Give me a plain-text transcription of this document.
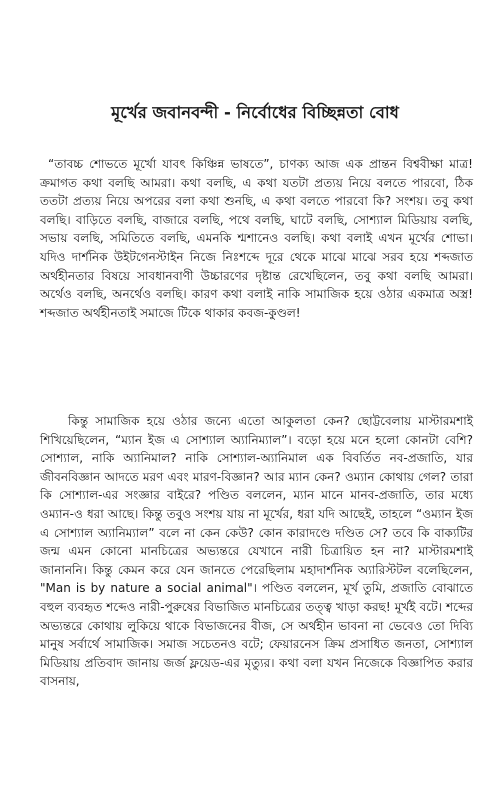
মূর্খের জবানবন্দী - নির্বোধের বিচ্ছিন্নতা বোধ

“তাবচ্চ শোভতে মূর্খো যাবৎ কিঞ্চিন্ন ভাষতে”, চাণক্য আজ এক প্রান্তন বিশ্ববীক্ষা মাত্র! ক্রমাগত কথা বলছি আমরা। কথা বলছি, এ কথা যতটা প্রত্যয় নিয়ে বলতে পারবো, ঠিক ততটা প্রত্যয় নিয়ে অপরের বলা কথা শুনছি, এ কথা বলতে পারবো কি? সংশয়। তবু কথা বলছি। বাড়িতে বলছি, বাজারে বলছি, পথে বলছি, ঘাটে বলছি, সোশ্যাল মিডিয়ায় বলছি, সভায় বলছি, সমিতিতে বলছি, এমনকি শ্মশানেও বলছি। কথা বলাই এখন মূর্খের শোভা। যদিও দার্শনিক উইটগেনস্টাইন নিজে নিঃশব্দে দূরে থেকে মাঝে মাঝে সরব হয়ে শব্দজাত অর্থহীনতার বিষয়ে সাবধানবাণী উচ্চারণের দৃষ্টান্ত রেখেছিলেন, তবু কথা বলছি আমরা। অর্থেও বলছি, অনর্থেও বলছি। কারণ কথা বলাই নাকি সামাজিক হয়ে ওঠার একমাত্র অস্ত্র! শব্দজাত অর্থহীনতাই সমাজে টিকে থাকার কবজ-কুণ্ডল!

কিন্তু সামাজিক হয়ে ওঠার জন্যে এতো আকুলতা কেন? ছোট্টবেলায় মাস্টারমশাই শিখিয়েছিলেন, “ম্যান ইজ এ সোশ্যাল অ্যানিম্যাল”। বড়ো হয়ে মনে হলো কোনটা বেশি? সোশ্যাল, নাকি অ্যানিমাল? নাকি সোশ্যাল-অ্যানিমাল এক বিবর্তিত নব-প্রজাতি, যার জীবনবিজ্ঞান আদতে মরণ এবং মারণ-বিজ্ঞান? আর ম্যান কেন? ওম্যান কোথায় গেল? তারা কি সোশ্যাল-এর সংজ্ঞার বাইরে? পণ্ডিত বললেন, ম্যান মানে মানব-প্রজাতি, তার মধ্যে ওম্যান-ও ধরা আছে। কিন্তু তবুও সংশয় যায় না মূর্খের, ধরা যদি আছেই, তাহলে “ওম্যান ইজ এ সোশ্যাল অ্যানিম্যাল” বলে না কেন কেউ? কোন কারাদণ্ডে দণ্ডিত সে? তবে কি বাক্যটির জন্ম এমন কোনো মানচিত্রের অভ্যন্তরে যেখানে নারী চিত্রায়িত হন না? মাস্টারমশাই জানাননি। কিন্তু কেমন করে যেন জানতে পেরেছিলাম মহাদার্শনিক অ্যারিস্টটল বলেছিলেন, "Man is by nature a social animal"। পণ্ডিত বললেন, মূর্খ তুমি, প্রজাতি বোঝাতে বহুল ব্যবহৃত শব্দেও নারী-পুরুষের বিভাজিত মানচিত্রের তত্ত্ব খাড়া করছ! মূর্খই বটে। শব্দের অভ্যন্তরে কোথায় লুকিয়ে থাকে বিভাজনের বীজ, সে অর্থহীন ভাবনা না ভেবেও তো দিব্যি মানুষ সর্বার্থে সামাজিক। সমাজ সচেতনও বটে; ফেয়ারনেস ক্রিম প্রসাধিত জনতা, সোশ্যাল মিডিয়ায় প্রতিবাদ জানায় জর্জ ফ্লয়েড-এর মৃত্যুর। কথা বলা যখন নিজেকে বিজ্ঞাপিত করার বাসনায়,
